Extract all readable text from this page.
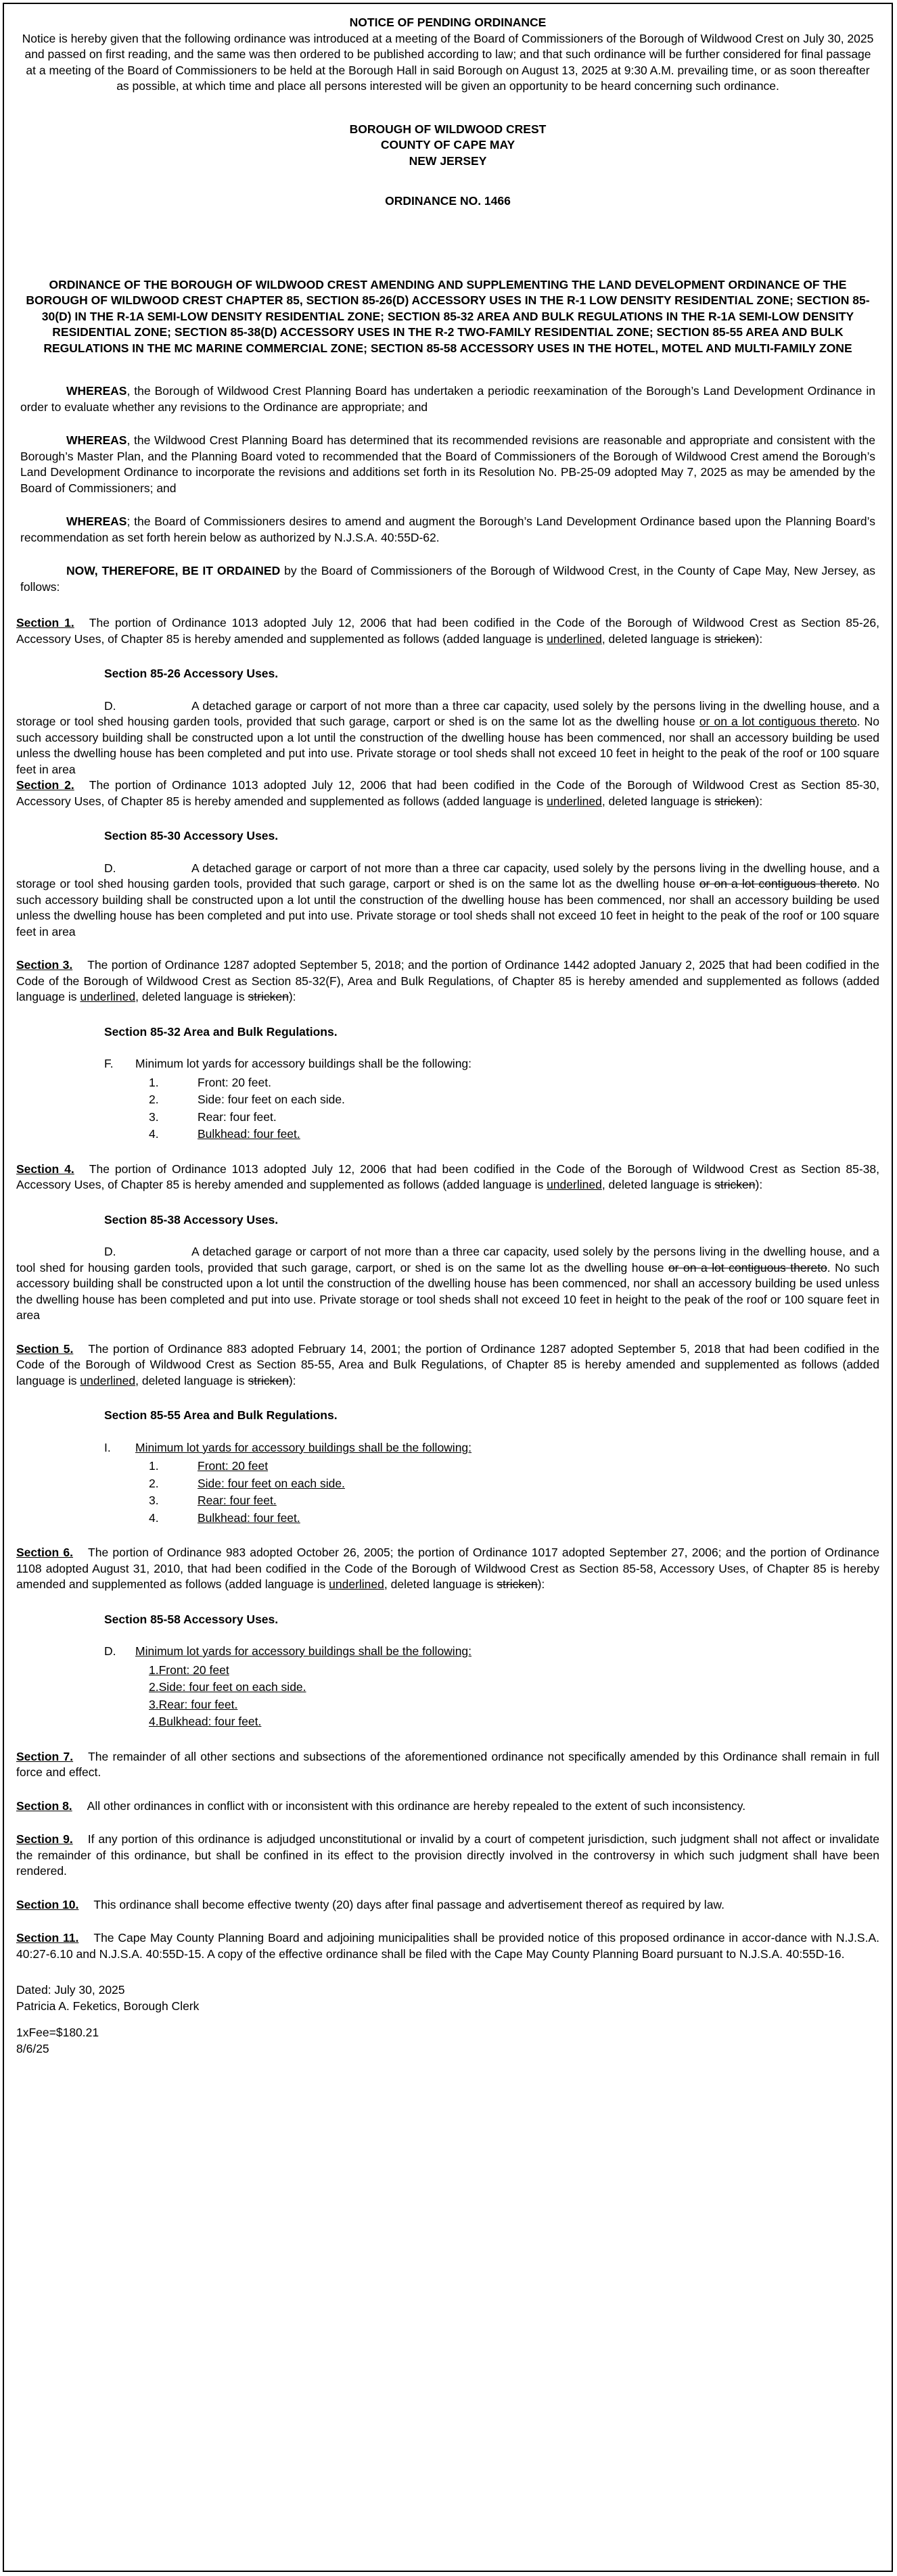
NOTICE OF PENDING ORDINANCE

Notice is hereby given that the following ordinance was introduced at a meeting of the Board of Commissioners of the Borough of Wildwood Crest on July 30, 2025 and passed on first reading, and the same was then ordered to be published according to law; and that such ordinance will be further considered for final passage at a meeting of the Board of Commissioners to be held at the Borough Hall in said Borough on August 13, 2025 at 9:30 A.M. prevailing time, or as soon thereafter as possible, at which time and place all persons interested will be given an opportunity to be heard concerning such ordinance.

BOROUGH OF WILDWOOD CREST

COUNTY OF CAPE MAY

NEW JERSEY

ORDINANCE NO. 1466

ORDINANCE OF THE BOROUGH OF WILDWOOD CREST AMENDING AND SUPPLEMENTING THE LAND DEVELOPMENT ORDINANCE OF THE BOROUGH OF WILDWOOD CREST CHAPTER 85, SECTION 85-26(D) ACCESSORY USES IN THE R-1 LOW DENSITY RESIDENTIAL ZONE; SECTION 85-30(D) IN THE R-1A SEMI-LOW DENSITY RESIDENTIAL ZONE; SECTION 85-32 AREA AND BULK REGULATIONS IN THE R-1A SEMI-LOW DENSITY RESIDENTIAL ZONE; SECTION 85-38(D) ACCESSORY USES IN THE R-2 TWO-FAMILY RESIDENTIAL ZONE; SECTION 85-55 AREA AND BULK REGULATIONS IN THE MC MARINE COMMERCIAL ZONE; SECTION 85-58 ACCESSORY USES IN THE HOTEL, MOTEL AND MULTI-FAMILY ZONE

WHEREAS, the Borough of Wildwood Crest Planning Board has undertaken a periodic reexamination of the Borough’s Land Development Ordinance in order to evaluate whether any revisions to the Ordinance are appropriate; and

WHEREAS, the Wildwood Crest Planning Board has determined that its recommended revisions are reasonable and appropriate and consistent with the Borough’s Master Plan, and the Planning Board voted to recommended that the Board of Commissioners of the Borough of Wildwood Crest amend the Borough’s Land Development Ordinance to incorporate the revisions and additions set forth in its Resolution No. PB-25-09 adopted May 7, 2025 as may be amended by the Board of Commissioners; and

WHEREAS; the Board of Commissioners desires to amend and augment the Borough’s Land Development Ordinance based upon the Planning Board’s recommendation as set forth herein below as authorized by N.J.S.A. 40:55D-62.

NOW, THEREFORE, BE IT ORDAINED by the Board of Commissioners of the Borough of Wildwood Crest, in the County of Cape May, New Jersey, as follows:

Section 1. The portion of Ordinance 1013 adopted July 12, 2006 that had been codified in the Code of the Borough of Wildwood Crest as Section 85-26, Accessory Uses, of Chapter 85 is hereby amended and supplemented as follows (added language is underlined, deleted language is stricken):

Section 85-26 Accessory Uses.

D.	A detached garage or carport of not more than a three car capacity, used solely by the persons living in the dwelling house, and a storage or tool shed housing garden tools, provided that such garage, carport or shed is on the same lot as the dwelling house or on a lot contiguous thereto. No such accessory building shall be constructed upon a lot until the construction of the dwelling house has been commenced, nor shall an accessory building be used unless the dwelling house has been completed and put into use. Private storage or tool sheds shall not exceed 10 feet in height to the peak of the roof or 100 square feet in area

Section 2. The portion of Ordinance 1013 adopted July 12, 2006 that had been codified in the Code of the Borough of Wildwood Crest as Section 85-30, Accessory Uses, of Chapter 85 is hereby amended and supplemented as follows (added language is underlined, deleted language is stricken):

Section 85-30 Accessory Uses.

D.	A detached garage or carport of not more than a three car capacity, used solely by the persons living in the dwelling house, and a storage or tool shed housing garden tools, provided that such garage, carport or shed is on the same lot as the dwelling house or on a lot contiguous thereto. No such accessory building shall be constructed upon a lot until the construction of the dwelling house has been commenced, nor shall an accessory building be used unless the dwelling house has been completed and put into use. Private storage or tool sheds shall not exceed 10 feet in height to the peak of the roof or 100 square feet in area

Section 3. The portion of Ordinance 1287 adopted September 5, 2018; and the portion of Ordinance 1442 adopted January 2, 2025 that had been codified in the Code of the Borough of Wildwood Crest as Section 85-32(F), Area and Bulk Regulations, of Chapter 85 is hereby amended and supplemented as follows (added language is underlined, deleted language is stricken):

Section 85-32 Area and Bulk Regulations.

F. Minimum lot yards for accessory buildings shall be the following:

1.	Front: 20 feet.

2.	Side: four feet on each side.

3.	Rear: four feet.

4.	Bulkhead: four feet.

Section 4. The portion of Ordinance 1013 adopted July 12, 2006 that had been codified in the Code of the Borough of Wildwood Crest as Section 85-38, Accessory Uses, of Chapter 85 is hereby amended and supplemented as follows (added language is underlined, deleted language is stricken):

Section 85-38 Accessory Uses.

D.	A detached garage or carport of not more than a three car capacity, used solely by the persons living in the dwelling house, and a tool shed for housing garden tools, provided that such garage, carport, or shed is on the same lot as the dwelling house or on a lot contiguous thereto. No such accessory building shall be constructed upon a lot until the construction of the dwelling house has been commenced, nor shall an accessory building be used unless the dwelling house has been completed and put into use. Private storage or tool sheds shall not exceed 10 feet in height to the peak of the roof or 100 square feet in area

Section 5. The portion of Ordinance 883 adopted February 14, 2001; the portion of Ordinance 1287 adopted September 5, 2018 that had been codified in the Code of the Borough of Wildwood Crest as Section 85-55, Area and Bulk Regulations, of Chapter 85 is hereby amended and supplemented as follows (added language is underlined, deleted language is stricken):

Section 85-55 Area and Bulk Regulations.

I. Minimum lot yards for accessory buildings shall be the following:

1.	Front: 20 feet

2.	Side: four feet on each side.

3.	Rear: four feet.

4.	Bulkhead: four feet.

Section 6. The portion of Ordinance 983 adopted October 26, 2005; the portion of Ordinance 1017 adopted September 27, 2006; and the portion of Ordinance 1108 adopted August 31, 2010, that had been codified in the Code of the Borough of Wildwood Crest as Section 85-58, Accessory Uses, of Chapter 85 is hereby amended and supplemented as follows (added language is underlined, deleted language is stricken):

Section 85-58 Accessory Uses.

D. Minimum lot yards for accessory buildings shall be the following:

1.Front: 20 feet

2.Side: four feet on each side.

3.Rear: four feet.

4.Bulkhead: four feet.

Section 7. The remainder of all other sections and subsections of the aforementioned ordinance not specifically amended by this Ordinance shall remain in full force and effect.

Section 8. All other ordinances in conflict with or inconsistent with this ordinance are hereby repealed to the extent of such inconsistency.

Section 9. If any portion of this ordinance is adjudged unconstitutional or invalid by a court of competent jurisdiction, such judgment shall not affect or invalidate the remainder of this ordinance, but shall be confined in its effect to the provision directly involved in the controversy in which such judgment shall have been rendered.

Section 10. This ordinance shall become effective twenty (20) days after final passage and advertisement thereof as required by law.

Section 11. The Cape May County Planning Board and adjoining municipalities shall be provided notice of this proposed ordinance in accor-dance with N.J.S.A. 40:27-6.10 and N.J.S.A. 40:55D-15. A copy of the effective ordinance shall be filed with the Cape May County Planning Board pursuant to N.J.S.A. 40:55D-16.

Dated: July 30, 2025

Patricia A. Feketics, Borough Clerk

1xFee=$180.21

8/6/25
